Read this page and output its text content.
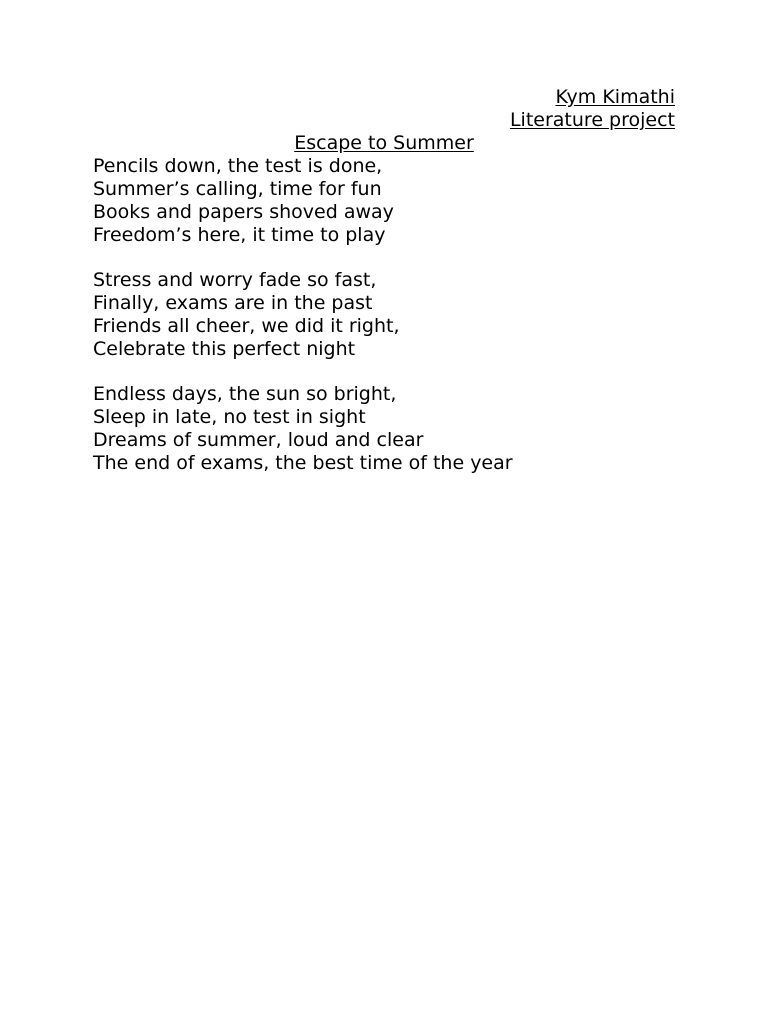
Kym Kimathi
Literature project
Escape to Summer
Pencils down, the test is done,
Summer’s calling, time for fun
Books and papers shoved away
Freedom’s here, it time to play
Stress and worry fade so fast,
Finally, exams are in the past
Friends all cheer, we did it right,
Celebrate this perfect night
Endless days, the sun so bright,
Sleep in late, no test in sight
Dreams of summer, loud and clear
The end of exams, the best time of the year
